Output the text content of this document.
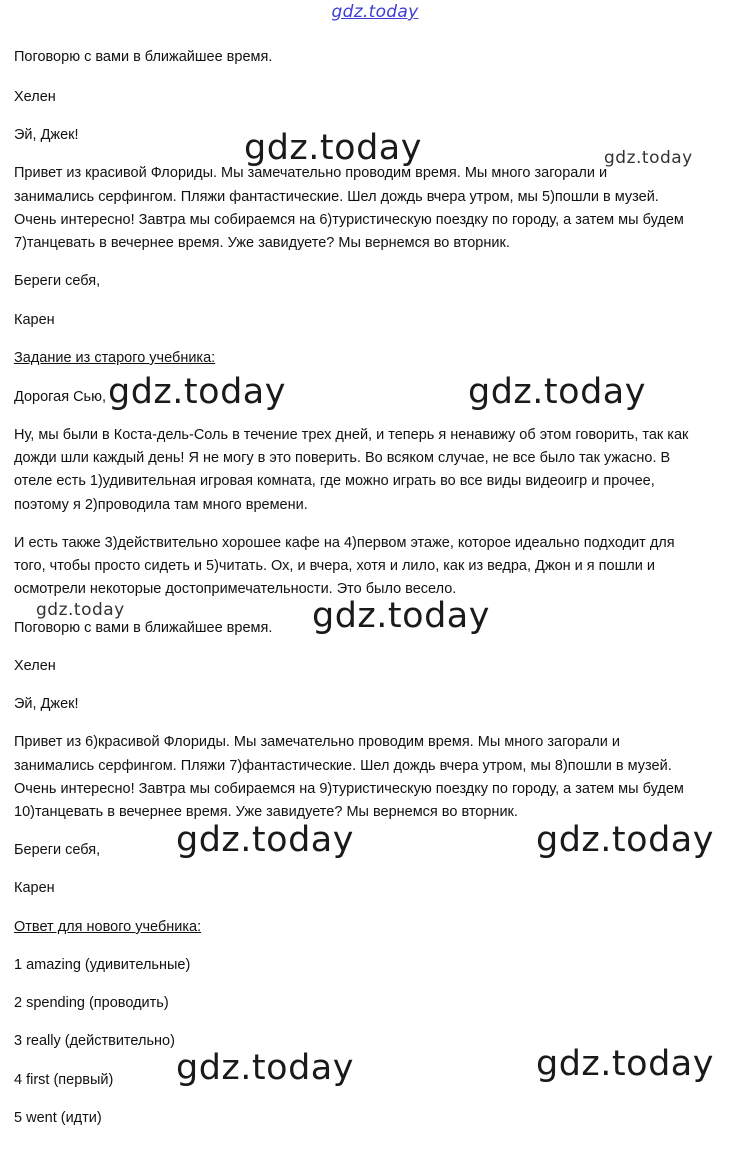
gdz.today
Поговорю с вами в ближайшее время.
Хелен
Эй, Джек!
Привет из красивой Флориды. Мы замечательно проводим время. Мы много загорали и
занимались серфингом. Пляжи фантастические. Шел дождь вчера утром, мы 5)пошли в музей.
Очень интересно! Завтра мы собираемся на 6)туристическую поездку по городу, а затем мы будем
7)танцевать в вечернее время. Уже завидуете? Мы вернемся во вторник.
Береги себя,
Карен
Задание из старого учебника:
Дорогая Сью,
Ну, мы были в Коста-дель-Соль в течение трех дней, и теперь я ненавижу об этом говорить, так как
дожди шли каждый день! Я не могу в это поверить. Во всяком случае, не все было так ужасно. В
отеле есть 1)удивительная игровая комната, где можно играть во все виды видеоигр и прочее,
поэтому я 2)проводила там много времени.
И есть также 3)действительно хорошее кафе на 4)первом этаже, которое идеально подходит для
того, чтобы просто сидеть и 5)читать. Ох, и вчера, хотя и лило, как из ведра, Джон и я пошли и
осмотрели некоторые достопримечательности. Это было весело.
Поговорю с вами в ближайшее время.
Хелен
Эй, Джек!
Привет из 6)красивой Флориды. Мы замечательно проводим время. Мы много загорали и
занимались серфингом. Пляжи 7)фантастические. Шел дождь вчера утром, мы 8)пошли в музей.
Очень интересно! Завтра мы собираемся на 9)туристическую поездку по городу, а затем мы будем
10)танцевать в вечернее время. Уже завидуете? Мы вернемся во вторник.
Береги себя,
Карен
Ответ для нового учебника:
1 amazing (удивительные)
2 spending (проводить)
3 really (действительно)
4 first (первый)
5 went (идти)
gdz.today	gdz.today
gdz.today	gdz.today
gdz.today	gdz.today
gdz.today	gdz.today
gdz.today	gdz.today
